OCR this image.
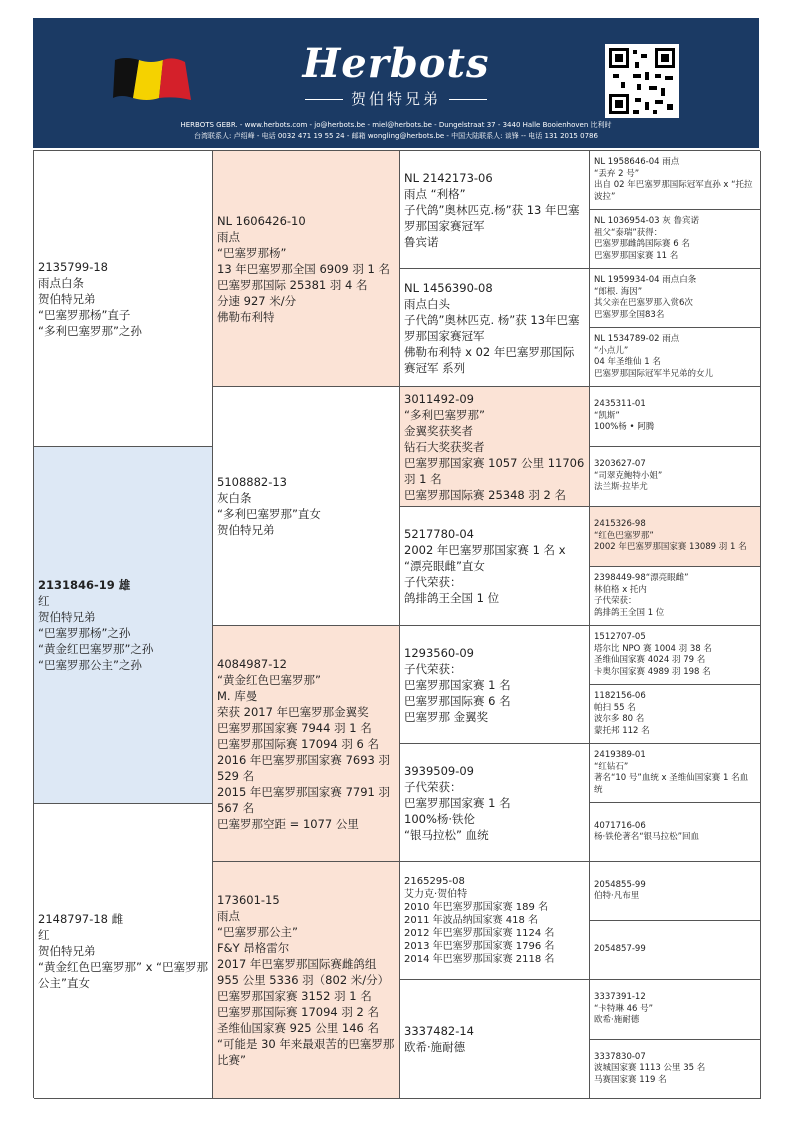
Herbots
贺伯特兄弟
HERBOTS GEBR. - www.herbots.com - jo@herbots.be - miel@herbots.be - Dungelstraat 37 - 3440 Halle Booienhoven 比利时
台湾联系人: 卢绍峰 - 电话 0032 471 19 55 24 - 邮箱 wongling@herbots.be - 中国大陆联系人: 谈锋 -- 电话 131 2015 0786
2135799-18
雨点白条
贺伯特兄弟
“巴塞罗那杨”直子
“多利巴塞罗那”之孙
2131846-19 雄
红
贺伯特兄弟
“巴塞罗那杨”之孙
“黄金红巴塞罗那”之孙
“巴塞罗那公主”之孙
2148797-18 雌
红
贺伯特兄弟
“黄金红色巴塞罗那” x “巴塞罗那公主”直女
NL 1606426-10
雨点
“巴塞罗那杨”
13 年巴塞罗那全国 6909 羽 1 名
巴塞罗那国际 25381 羽 4 名
分速 927 米/分
佛勒布利特
5108882-13
灰白条
“多利巴塞罗那”直女
贺伯特兄弟
4084987-12
“黄金红色巴塞罗那”
M. 库曼
荣获 2017 年巴塞罗那金翼奖
巴塞罗那国家赛 7944 羽 1 名
巴塞罗那国际赛 17094 羽 6 名
2016 年巴塞罗那国家赛 7693 羽 529 名
2015 年巴塞罗那国家赛 7791 羽 567 名
巴塞罗那空距 = 1077 公里
173601-15
雨点
“巴塞罗那公主”
F&Y 昂格雷尔
2017 年巴塞罗那国际赛雌鸽组 955 公里 5336 羽（802 米/分）
巴塞罗那国家赛 3152 羽 1 名
巴塞罗那国际赛 17094 羽 2 名
圣维仙国家赛 925 公里 146 名
“可能是 30 年来最艰苦的巴塞罗那比赛”
NL 2142173-06
雨点 “利格”
子代鸽”奥林匹克.杨”获 13 年巴塞罗那国家赛冠军
鲁宾诺
NL 1456390-08
雨点白头
子代鸽”奥林匹克. 杨”获 13年巴塞罗那国家赛冠军
佛勒布利特 x 02 年巴塞罗那国际赛冠军 系列
3011492-09
“多利巴塞罗那”
金翼奖获奖者
钻石大奖获奖者
巴塞罗那国家赛 1057 公里 11706 羽 1 名
巴塞罗那国际赛 25348 羽 2 名
5217780-04
2002 年巴塞罗那国家赛 1 名 x “漂亮眼雌”直女
子代荣获：
鸽排鸽王全国 1 位
1293560-09
子代荣获：
巴塞罗那国家赛 1 名
巴塞罗那国际赛 6 名
巴塞罗那 金翼奖
3939509-09
子代荣获：
巴塞罗那国家赛 1 名
100%杨·铁伦
“银马拉松” 血统
2165295-08
艾力克·贺伯特
2010 年巴塞罗那国家赛 189 名
2011 年波品纳国家赛 418 名
2012 年巴塞罗那国家赛 1124 名
2013 年巴塞罗那国家赛 1796 名
2014 年巴塞罗那国家赛 2118 名
3337482-14
欧希·施耐德
NL 1958646-04 雨点
“丢弃 2 号”
出自 02 年巴塞罗那国际冠军直孙 x “托拉波拉”
NL 1036954-03 灰 鲁宾诺
祖父“泰瑞”获得：
巴塞罗那雌鸽国际赛 6 名
巴塞罗那国家赛 11 名
NL 1959934-04 雨点白条
“郎根. 海因”
其父亲在巴塞罗那入赏6次
巴塞罗那全国83名
NL 1534789-02 雨点
“小点儿”
04 年圣维仙 1 名
巴塞罗那国际冠军半兄弟的女儿
2435311-01
“凯斯”
100%杨 • 阿腾
3203627-07
“司翠克鲍特小姐”
法兰斯·拉毕尤
2415326-98
“红色巴塞罗那”
2002 年巴塞罗那国家赛 13089 羽 1 名
2398449-98“漂亮眼雌”
林伯格 x 托内
子代荣获：
鸽排鸽王全国 1 位
1512707-05
塔尔比 NPO 赛 1004 羽 38 名
圣维仙国家赛 4024 羽 79 名
卡奥尔国家赛 4989 羽 198 名
1182156-06
帕扫 55 名
波尔多 80 名
蒙托邦 112 名
2419389-01
“红钻石”
著名“10 号”血统 x 圣维仙国家赛 1 名血统
4071716-06
杨·铁伦著名“银马拉松”回血
2054855-99
伯特·凡布里
2054857-99
3337391-12
“卡特琳 46 号”
欧希·施耐德
3337830-07
波城国家赛 1113 公里 35 名
马赛国家赛 119 名
